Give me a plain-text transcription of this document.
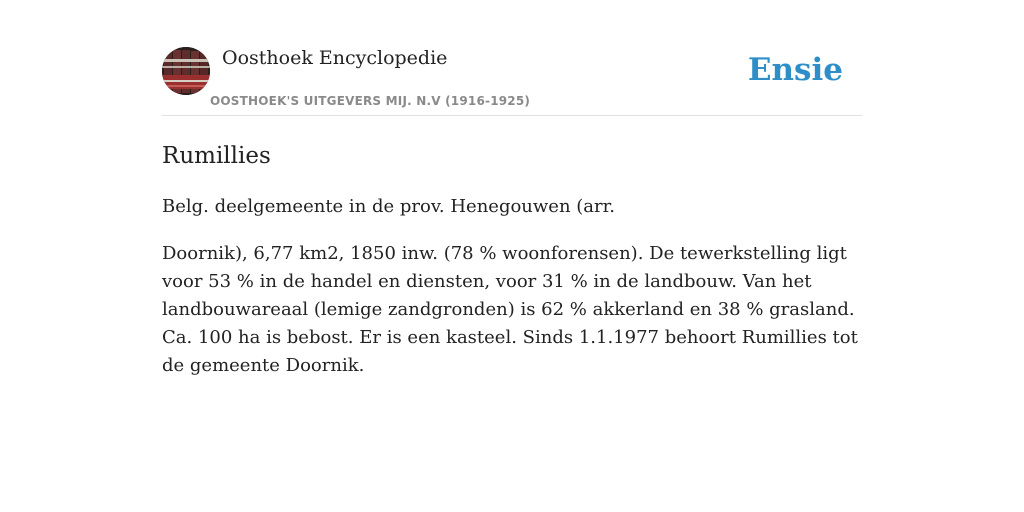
Oosthoek Encyclopedie
OOSTHOEK'S UITGEVERS MIJ. N.V (1916-1925)
Ensie
Rumillies

Belg. deelgemeente in de prov. Henegouwen (arr.

Doornik), 6,77 km2, 1850 inw. (78 % woonforensen). De tewerkstelling ligt voor 53 % in de handel en diensten, voor 31 % in de landbouw. Van het landbouwareaal (lemige zandgronden) is 62 % akkerland en 38 % grasland. Ca. 100 ha is bebost. Er is een kasteel. Sinds 1.1.1977 behoort Rumillies tot de gemeente Doornik.
